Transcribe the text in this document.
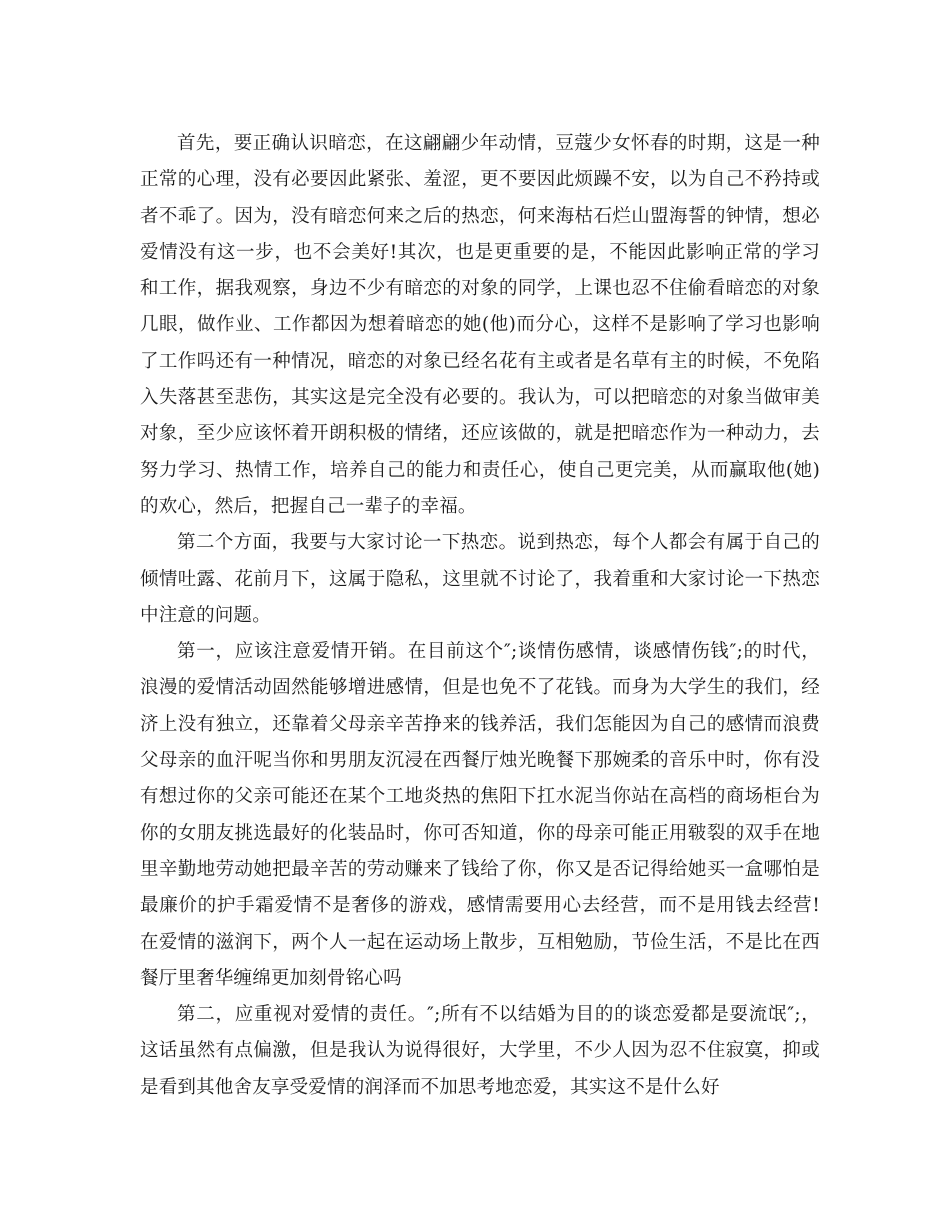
首先，要正确认识暗恋，在这翩翩少年动情，豆蔻少女怀春的时期，这是一种正常的心理，没有必要因此紧张、羞涩，更不要因此烦躁不安，以为自己不矜持或者不乖了。因为，没有暗恋何来之后的热恋，何来海枯石烂山盟海誓的钟情，想必爱情没有这一步，也不会美好!其次，也是更重要的是，不能因此影响正常的学习和工作，据我观察，身边不少有暗恋的对象的同学，上课也忍不住偷看暗恋的对象几眼，做作业、工作都因为想着暗恋的她(他)而分心，这样不是影响了学习也影响了工作吗还有一种情况，暗恋的对象已经名花有主或者是名草有主的时候，不免陷入失落甚至悲伤，其实这是完全没有必要的。我认为，可以把暗恋的对象当做审美对象，至少应该怀着开朗积极的情绪，还应该做的，就是把暗恋作为一种动力，去努力学习、热情工作，培养自己的能力和责任心，使自己更完美，从而赢取他(她)的欢心，然后，把握自己一辈子的幸福。

第二个方面，我要与大家讨论一下热恋。说到热恋，每个人都会有属于自己的倾情吐露、花前月下，这属于隐私，这里就不讨论了，我着重和大家讨论一下热恋中注意的问题。

第一，应该注意爱情开销。在目前这个″;谈情伤感情，谈感情伤钱″;的时代，浪漫的爱情活动固然能够增进感情，但是也免不了花钱。而身为大学生的我们，经济上没有独立，还靠着父母亲辛苦挣来的钱养活，我们怎能因为自己的感情而浪费父母亲的血汗呢当你和男朋友沉浸在西餐厅烛光晚餐下那婉柔的音乐中时，你有没有想过你的父亲可能还在某个工地炎热的焦阳下扛水泥当你站在高档的商场柜台为你的女朋友挑选最好的化装品时，你可否知道，你的母亲可能正用皲裂的双手在地里辛勤地劳动她把最辛苦的劳动赚来了钱给了你，你又是否记得给她买一盒哪怕是最廉价的护手霜爱情不是奢侈的游戏，感情需要用心去经营，而不是用钱去经营!在爱情的滋润下，两个人一起在运动场上散步，互相勉励，节俭生活，不是比在西餐厅里奢华缠绵更加刻骨铭心吗

第二，应重视对爱情的责任。″;所有不以结婚为目的的谈恋爱都是耍流氓″;，这话虽然有点偏激，但是我认为说得很好，大学里，不少人因为忍不住寂寞，抑或是看到其他舍友享受爱情的润泽而不加思考地恋爱，其实这不是什么好
